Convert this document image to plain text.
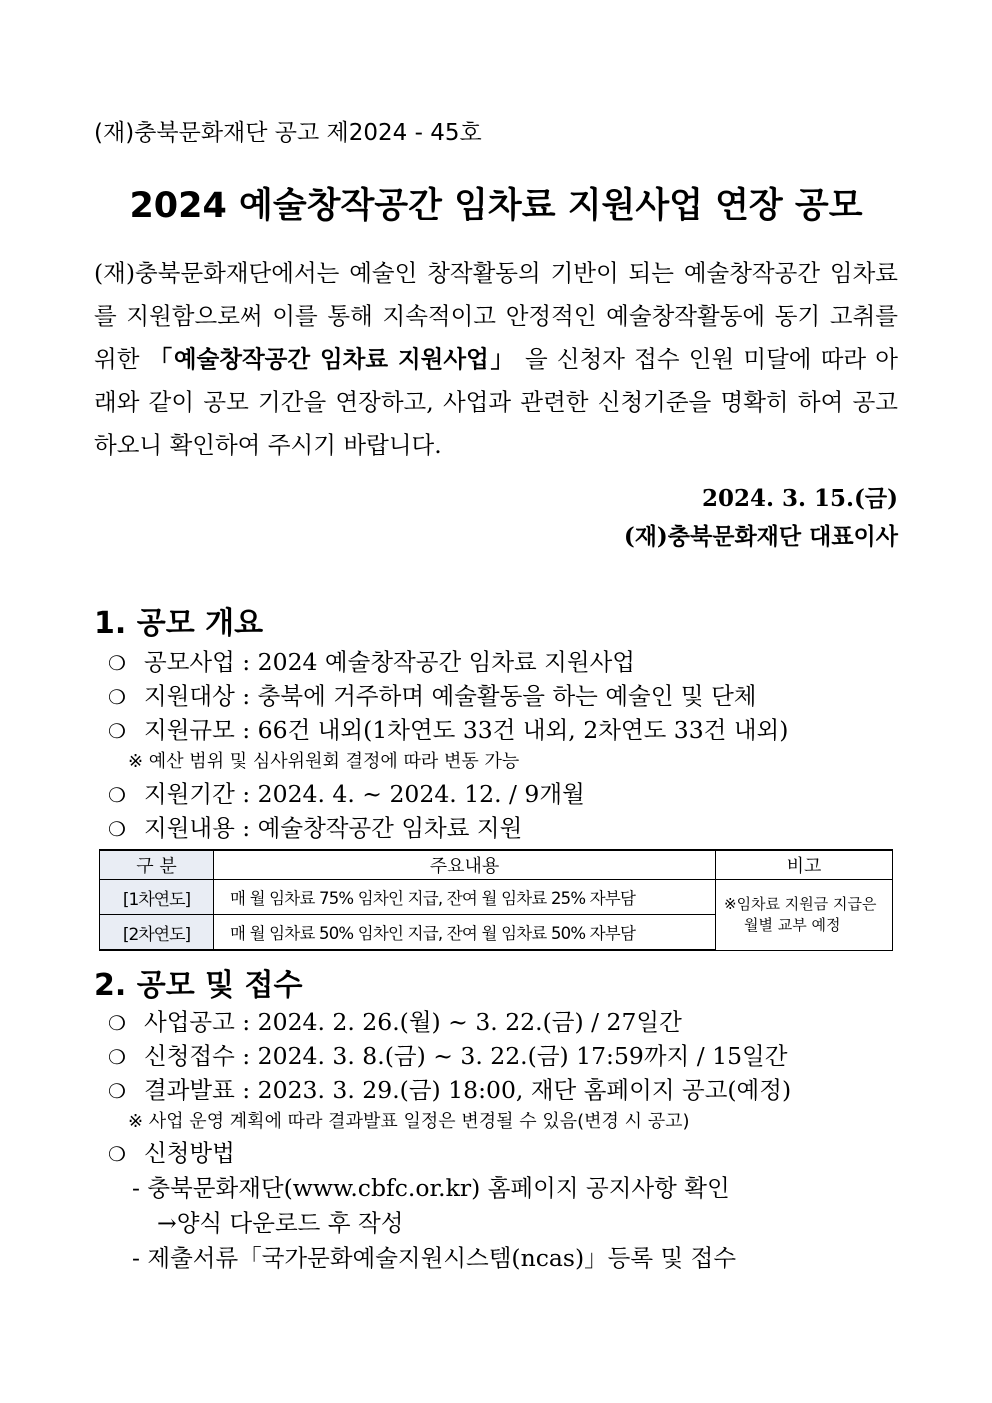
(재)충북문화재단 공고 제2024 - 45호
2024 예술창작공간 임차료 지원사업 연장 공모
(재)충북문화재단에서는 예술인 창작활동의 기반이 되는 예술창작공간 임차료를 지원함으로써 이를 통해 지속적이고 안정적인 예술창작활동에 동기 고취를 위한 「예술창작공간 임차료 지원사업」 을 신청자 접수 인원 미달에 따라 아래와 같이 공모 기간을 연장하고, 사업과 관련한 신청기준을 명확히 하여 공고하오니 확인하여 주시기 바랍니다.
2024. 3. 15.(금)
(재)충북문화재단 대표이사
1. 공모 개요
❍ 공모사업 : 2024 예술창작공간 임차료 지원사업
❍ 지원대상 : 충북에 거주하며 예술활동을 하는 예술인 및 단체
❍ 지원규모 : 66건 내외(1차연도 33건 내외, 2차연도 33건 내외)
※ 예산 범위 및 심사위원회 결정에 따라 변동 가능
❍ 지원기간 : 2024. 4. ~ 2024. 12. / 9개월
❍ 지원내용 : 예술창작공간 임차료 지원
구 분	주요내용	비고
[1차연도]	매 월 임차료 75% 임차인 지급, 잔여 월 임차료 25% 자부담	※임차료 지원금 지급은
월별 교부 예정

[2차연도]	매 월 임차료 50% 임차인 지급, 잔여 월 임차료 50% 자부담	
2. 공모 및 접수
❍ 사업공고 : 2024. 2. 26.(월) ~ 3. 22.(금) / 27일간
❍ 신청접수 : 2024. 3. 8.(금) ~ 3. 22.(금) 17:59까지 / 15일간
❍ 결과발표 : 2023. 3. 29.(금) 18:00, 재단 홈페이지 공고(예정)
※ 사업 운영 계획에 따라 결과발표 일정은 변경될 수 있음(변경 시 공고)
❍ 신청방법
- 충북문화재단(www.cbfc.or.kr) 홈페이지 공지사항 확인
→양식 다운로드 후 작성
- 제출서류「국가문화예술지원시스템(ncas)」등록 및 접수
